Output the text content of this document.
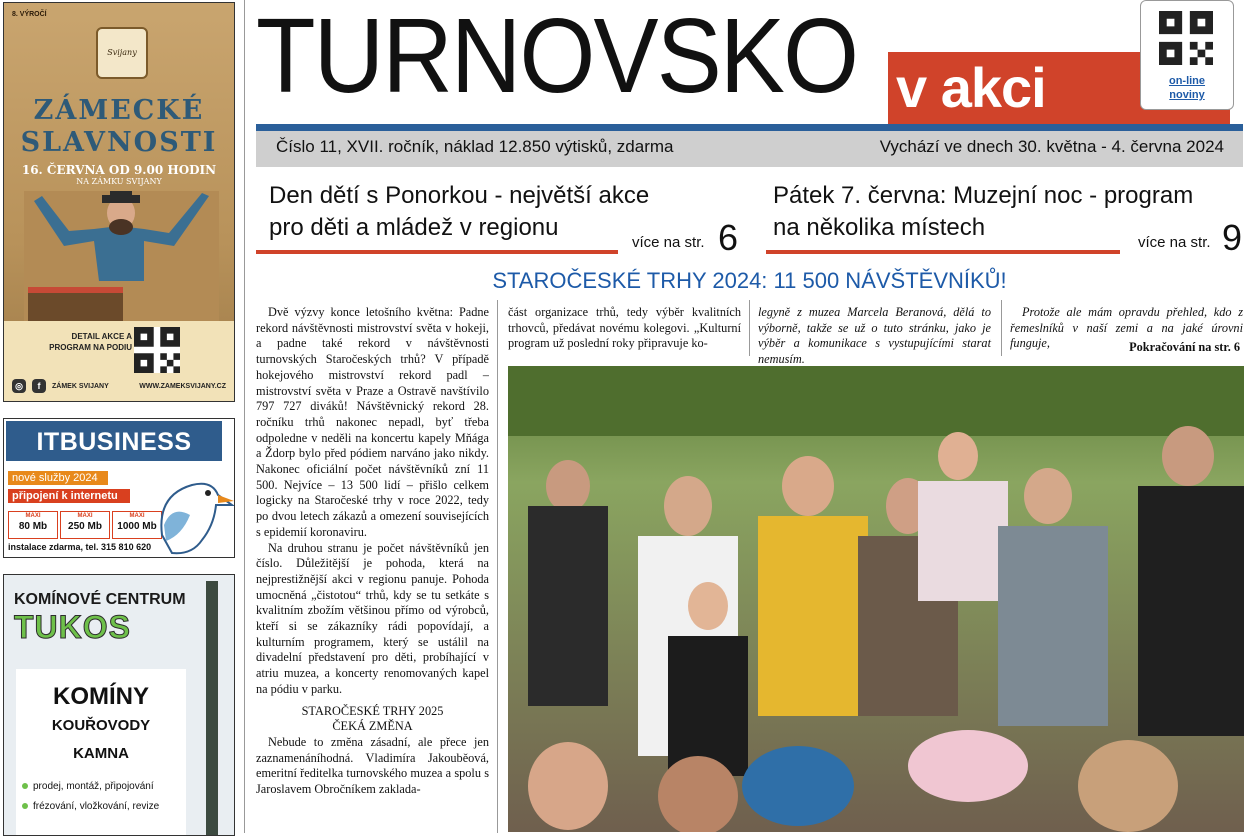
8. VÝROČÍ
Svijany
ZÁMECKÉ
SLAVNOSTI
16. ČERVNA OD 9.00 HODIN
NA ZÁMKU SVIJANY
DETAIL AKCE A PROGRAM NA PODIU
◎ f ZÁMEK SVIJANY	WWW.ZAMEKSVIJANY.CZ
ITBUSINESS
nové služby 2024
připojení k internetu
MAXI
80 Mb
MAXI
250 Mb
MAXI
1000 Mb
instalace zdarma, tel. 315 810 620
KOMÍNOVÉ CENTRUM
TUKOS
KOMÍNY
KOUŘOVODY
KAMNA
prodej, montáž, připojování
frézování, vložkování, revize
TURNOVSKO v akci	on-line
noviny
Číslo 11, XVII. ročník, náklad 12.850 výtisků, zdarma	Vychází ve dnech 30. května - 4. června 2024
Den dětí s Ponorkou - největší akce
pro děti a mládež v regionu
více na str. 6
Pátek 7. června: Muzejní noc - program
na několika místech
více na str. 9
STAROČESKÉ TRHY 2024: 11 500 NÁVŠTĚVNÍKŮ!

Dvě výzvy konce letošního května: Padne rekord návštěvnosti mistrovství světa v hokeji, a padne také rekord v návštěvnosti turnovských Staročeských trhů? V případě hokejového mistrovství rekord padl – mistrovství světa v Praze a Ostravě navštívilo 797 727 diváků! Návštěvnický rekord 28. ročníku trhů nakonec nepadl, byť třeba odpoledne v neděli na koncertu kapely Mňága a Ždorp bylo před pódiem narváno jako nikdy. Nakonec oficiální počet návštěvníků zní 11 500. Nejvíce – 13 500 lidí – přišlo celkem logicky na Staročeské trhy v roce 2022, tedy po dvou letech zákazů a omezení souvisejících s epidemií koronaviru.

Na druhou stranu je počet návštěvníků jen číslo. Důležitější je pohoda, která na nejprestižnější akci v regionu panuje. Pohoda umocněná „čistotou“ trhů, kdy se tu setkáte s kvalitním zbožím většinou přímo od výrobců, kteří si se zákazníky rádi popovídají, a kulturním programem, který se ustálil na divadelní představení pro děti, probíhající v atriu muzea, a koncerty renomovaných kapel na pódiu v parku.

STAROČESKÉ TRHY 2025

ČEKÁ ZMĚNA

Nebude to změna zásadní, ale přece jen zaznamenáníhodná. Vladimíra Jakouběová, emeritní ředitelka turnovského muzea a spolu s Jaroslavem Obročníkem zaklada-

část organizace trhů, tedy výběr kvalitních trhovců, předávat novému kolegovi. „Kulturní program už poslední roky připravuje ko-

legyně z muzea Marcela Beranová, dělá to výborně, takže se už o tuto stránku, jako je výběr a komunikace s vystupujícími starat nemusím.

Protože ale mám opravdu přehled, kdo z řemeslníků v naší zemi a na jaké úrovni funguje,	Pokračování na str. 6
